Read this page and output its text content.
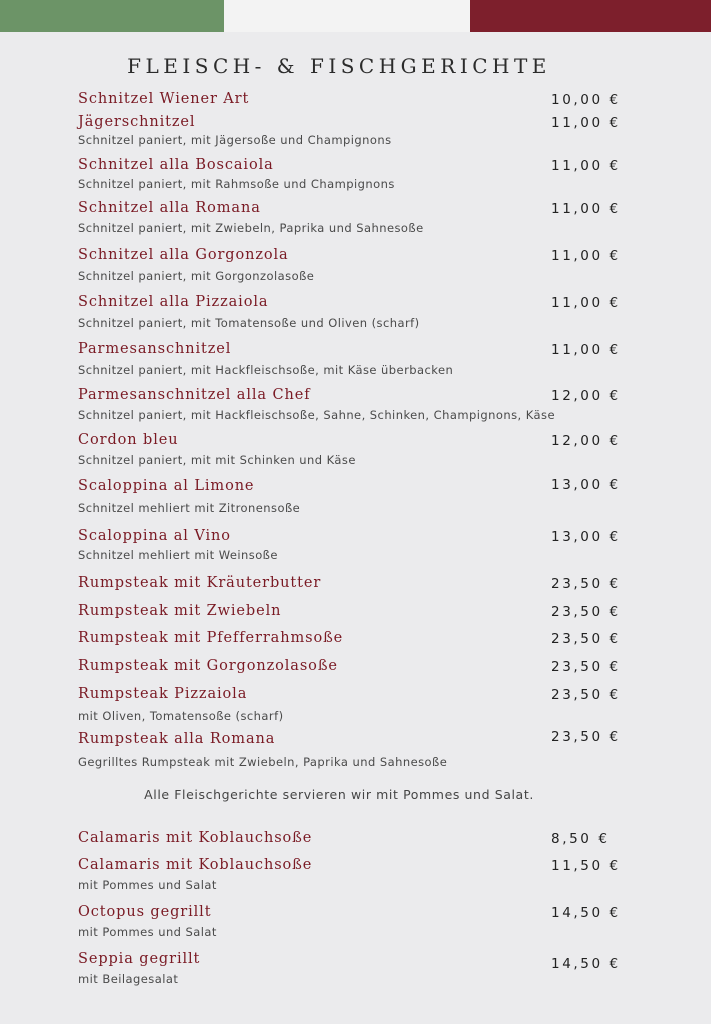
FLEISCH- & FISCHGERICHTE
Schnitzel Wiener Art	10,00 €
Jägerschnitzel	11,00 €
Schnitzel paniert, mit Jägersoße und Champignons
Schnitzel alla Boscaiola	11,00 €
Schnitzel paniert, mit Rahmsoße und Champignons
Schnitzel alla Romana	11,00 €
Schnitzel paniert, mit Zwiebeln, Paprika und Sahnesoße
Schnitzel alla Gorgonzola	11,00 €
Schnitzel paniert, mit Gorgonzolasoße
Schnitzel alla Pizzaiola	11,00 €
Schnitzel paniert, mit Tomatensoße und Oliven (scharf)
Parmesanschnitzel	11,00 €
Schnitzel paniert, mit Hackfleischsoße, mit Käse überbacken
Parmesanschnitzel alla Chef	12,00 €
Schnitzel paniert, mit Hackfleischsoße, Sahne, Schinken, Champignons, Käse
Cordon bleu	12,00 €
Schnitzel paniert, mit mit Schinken und Käse
Scaloppina al Limone	13,00 €
Schnitzel mehliert mit Zitronensoße
Scaloppina al Vino	13,00 €
Schnitzel mehliert mit Weinsoße
Rumpsteak mit Kräuterbutter	23,50 €
Rumpsteak mit Zwiebeln	23,50 €
Rumpsteak mit Pfefferrahmsoße	23,50 €
Rumpsteak mit Gorgonzolasoße	23,50 €
Rumpsteak Pizzaiola	23,50 €
mit Oliven, Tomatensoße (scharf)
Rumpsteak alla Romana	23,50 €
Gegrilltes Rumpsteak mit Zwiebeln, Paprika und Sahnesoße

Alle Fleischgerichte servieren wir mit Pommes und Salat.

Calamaris mit Koblauchsoße	8,50 €
Calamaris mit Koblauchsoße	11,50 €
mit Pommes und Salat
Octopus gegrillt	14,50 €
mit Pommes und Salat
Seppia gegrillt	14,50 €
mit Beilagesalat
